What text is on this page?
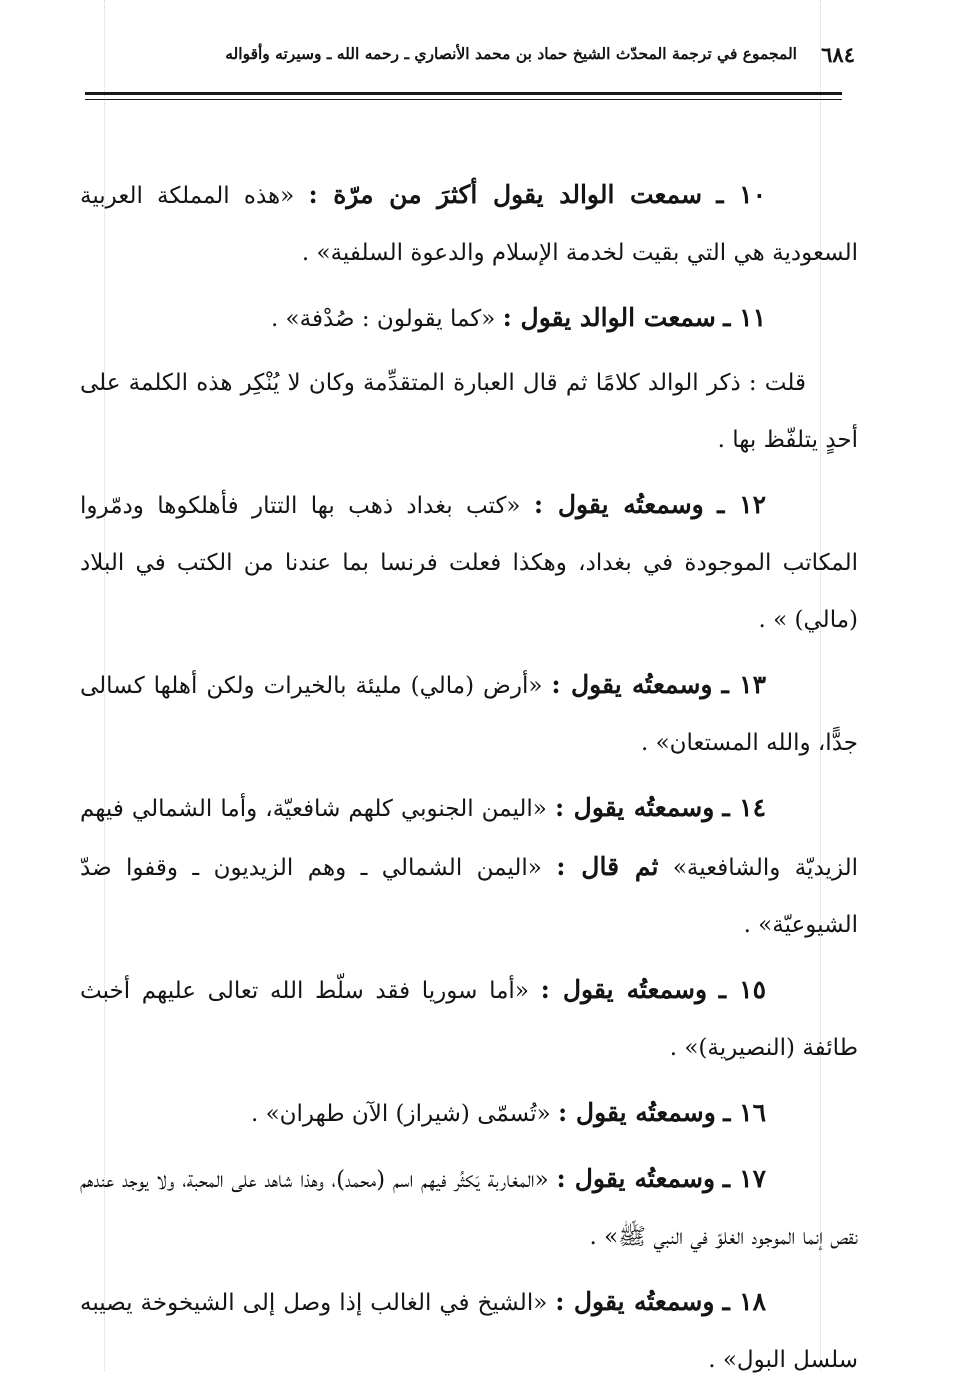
٦٨٤
المجموع في ترجمة المحدّث الشيخ حماد بن محمد الأنصاري ـ رحمه الله ـ وسيرته وأقواله

١٠ ـ سمعت الوالد يقول أكثرَ من مرّة : «هذه المملكة العربية السعودية هي التي بقيت لخدمة الإسلام والدعوة السلفية» .

١١ ـ سمعت الوالد يقول : «كما يقولون : صُدْفة» .

قلت : ذكر الوالد كلامًا ثم قال العبارة المتقدِّمة وكان لا يُنْكِر هذه الكلمة على أحدٍ يتلفّظ بها .

١٢ ـ وسمعتُه يقول : «كتب بغداد ذهب بها التتار فأهلكوها ودمّروا المكاتب الموجودة في بغداد، وهكذا فعلت فرنسا بما عندنا من الكتب في البلاد (مالي) » .

١٣ ـ وسمعتُه يقول : «أرض (مالي) مليئة بالخيرات ولكن أهلها كسالى جدًّا، والله المستعان» .

١٤ ـ وسمعتُه يقول : «اليمن الجنوبي كلهم شافعيّة، وأما الشمالي فيهم الزيديّة والشافعية» ثم قال : «اليمن الشمالي ـ وهم الزيديون ـ وقفوا ضدّ الشيوعيّة» .

١٥ ـ وسمعتُه يقول : «أما سوريا فقد سلّط الله تعالى عليهم أخبث طائفة (النصيرية)» .

١٦ ـ وسمعتُه يقول : «تُسمّى (شيراز) الآن طهران» .

١٧ ـ وسمعتُه يقول : «المغاربة يَكثُر فيهم اسم (محمد)، وهذا شاهد على المحبة، ولا يوجد عندهم نقص إنما الموجود الغلوّ في النبي ﷺ» .

١٨ ـ وسمعتُه يقول : «الشيخ في الغالب إذا وصل إلى الشيخوخة يصيبه سلسل البول» .
